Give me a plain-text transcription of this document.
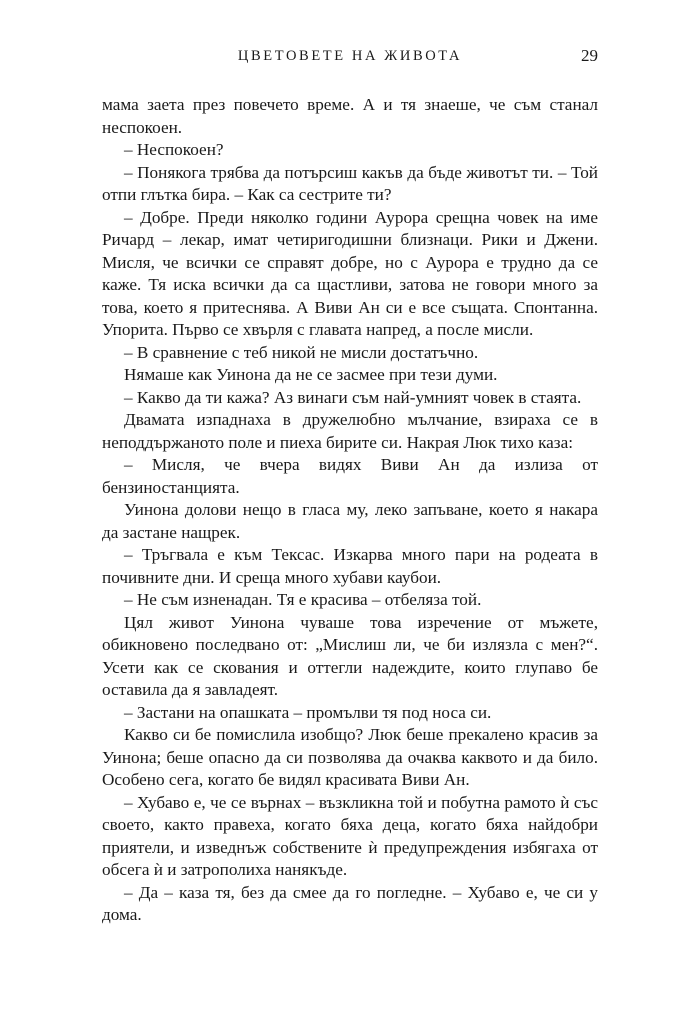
ЦВЕТОВЕТЕ НА ЖИВОТА	29

мама заета през повечето време. А и тя знаеше, че съм станал неспокоен.

– Неспокоен?

– Понякога трябва да потърсиш какъв да бъде животът ти. – Той отпи глътка бира. – Как са сестрите ти?

– Добре. Преди няколко години Аурора срещна човек на име Ричард – лекар, имат четиригодишни близнаци. Рики и Джени. Мисля, че всички се справят добре, но с Аурора е трудно да се каже. Тя иска всички да са щастливи, затова не говори много за това, което я притеснява. А Виви Ан си е все същата. Спонтанна. Упорита. Първо се хвърля с главата напред, а после мисли.

– В сравнение с теб никой не мисли достатъчно.

Нямаше как Уинона да не се засмее при тези думи.

– Какво да ти кажа? Аз винаги съм най-умният човек в стаята.

Двамата изпаднаха в дружелюбно мълчание, взираха се в неподдържаното поле и пиеха бирите си. Накрая Люк тихо каза:

– Мисля, че вчера видях Виви Ан да излиза от бензиностанцията.

Уинона долови нещо в гласа му, леко запъване, което я накара да застане нащрек.

– Тръгвала е към Тексас. Изкарва много пари на родеата в почивните дни. И среща много хубави каубои.

– Не съм изненадан. Тя е красива – отбеляза той.

Цял живот Уинона чуваше това изречение от мъжете, обикновено последвано от: „Мислиш ли, че би излязла с мен?“. Усети как се скования и оттегли надеждите, които глупаво бе оставила да я завладеят.

– Застани на опашката – промълви тя под носа си.

Какво си бе помислила изобщо? Люк беше прекалено красив за Уинона; беше опасно да си позволява да очаква каквото и да било. Особено сега, когато бе видял красивата Виви Ан.

– Хубаво е, че се върнах – възкликна той и побутна рамото ѝ със своето, както правеха, когато бяха деца, когато бяха найдобри приятели, и изведнъж собствените ѝ предупреждения избягаха от обсега ѝ и затрополиха нанякъде.

– Да – каза тя, без да смее да го погледне. – Хубаво е, че си у дома.
